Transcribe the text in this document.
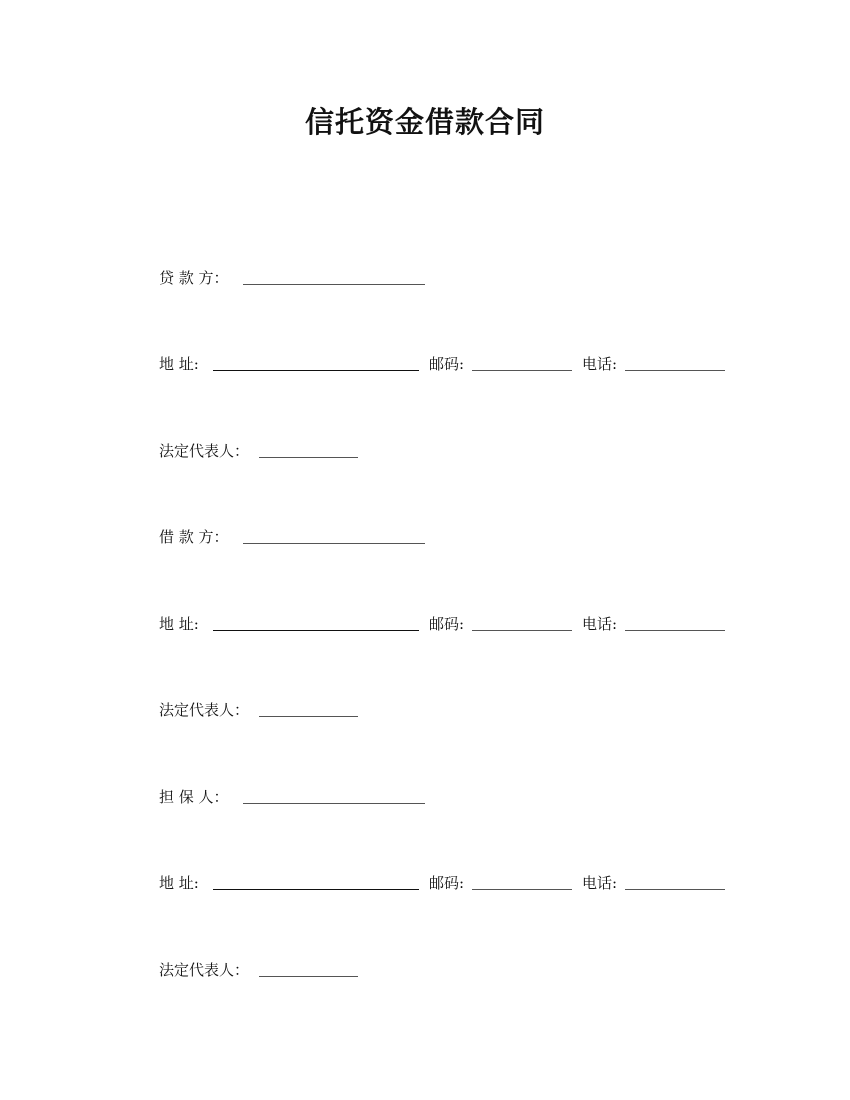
信托资金借款合同
贷 款 方：
地 址:	邮码:	电话:
法定代表人：
借 款 方：
地 址:	邮码:	电话:
法定代表人：
担 保 人：
地 址:	邮码:	电话:
法定代表人：
